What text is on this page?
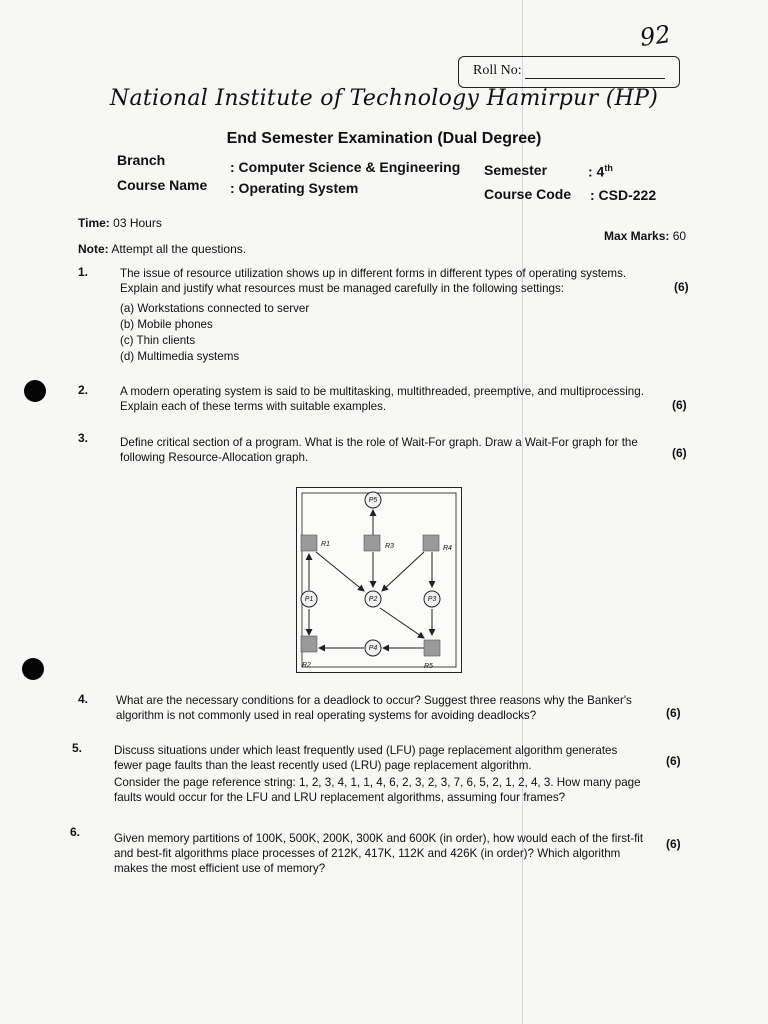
92
Roll No:
National Institute of Technology Hamirpur (HP)
End Semester Examination (Dual Degree)
Branch	: Computer Science & Engineering Semester	: 4th
Course Name : Operating System	Course Code : CSD-222
Time: 03 Hours
Max Marks: 60
Note: Attempt all the questions.
1.	The issue of resource utilization shows up in different forms in different types of operating systems. Explain and justify what resources must be managed carefully in the following settings:	(6)
(a) Workstations connected to server
(b) Mobile phones
(c) Thin clients
(d) Multimedia systems
2.	A modern operating system is said to be multitasking, multithreaded, preemptive, and multiprocessing. Explain each of these terms with suitable examples.	(6)
3.	Define critical section of a program. What is the role of Wait-For graph. Draw a Wait-For graph for the following Resource-Allocation graph.	(6)
P5
P1	P2	P3
P4
R1	R3	R4
R2	R5
4. What are the necessary conditions for a deadlock to occur? Suggest three reasons why the Banker's algorithm is not commonly used in real operating systems for avoiding deadlocks?	(6)
5.	Discuss situations under which least frequently used (LFU) page replacement algorithm generates fewer page faults than the least recently used (LRU) page replacement algorithm.
Consider the page reference string: 1, 2, 3, 4, 1, 1, 4, 6, 2, 3, 2, 3, 7, 6, 5, 2, 1, 2, 4, 3. How many page faults would occur for the LFU and LRU replacement algorithms, assuming four frames?
(6)
6.	Given memory partitions of 100K, 500K, 200K, 300K and 600K (in order), how would each of the first-fit and best-fit algorithms place processes of 212K, 417K, 112K and 426K (in order)? Which algorithm makes the most efficient use of memory?
(6)
